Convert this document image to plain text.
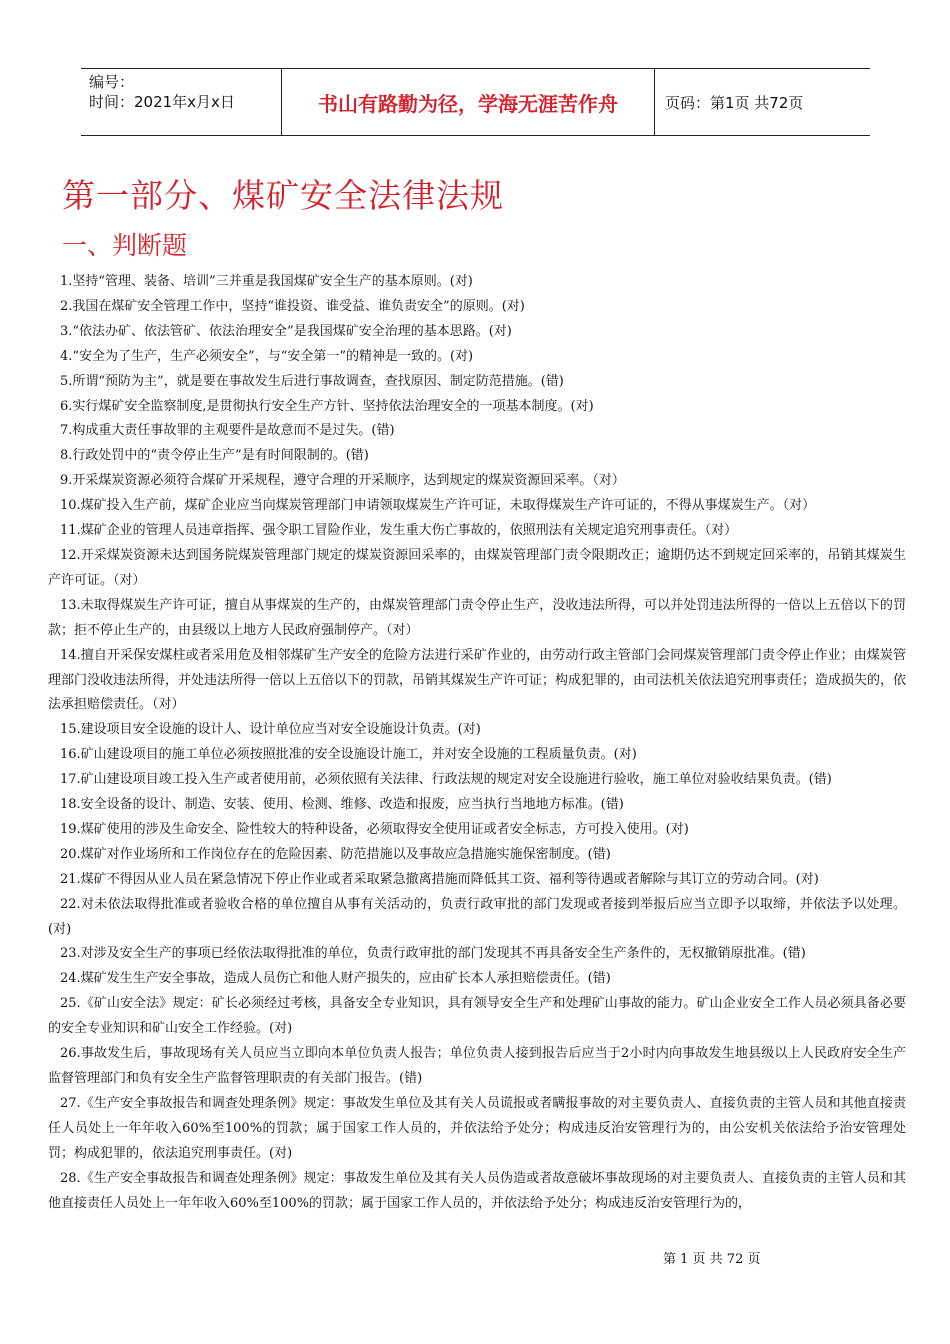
编号：
时间：2021年x月x日	书山有路勤为径，学海无涯苦作舟	页码：第1页 共72页
第一部分、煤矿安全法律法规
一、判断题
1.坚持“管理、装备、培训”三并重是我国煤矿安全生产的基本原则。(对)
2.我国在煤矿安全管理工作中，坚持“谁投资、谁受益、谁负责安全”的原则。(对)
3.“依法办矿、依法管矿、依法治理安全”是我国煤矿安全治理的基本思路。(对)
4.“安全为了生产，生产必须安全”，与“安全第一”的精神是一致的。(对)
5.所谓“预防为主”，就是要在事故发生后进行事故调查，查找原因、制定防范措施。(错)
6.实行煤矿安全监察制度,是贯彻执行安全生产方针、坚持依法治理安全的一项基本制度。(对)
7.构成重大责任事故罪的主观要件是故意而不是过失。(错)
8.行政处罚中的“责令停止生产”是有时间限制的。(错)
9.开采煤炭资源必须符合煤矿开采规程，遵守合理的开采顺序，达到规定的煤炭资源回采率。（对）
10.煤矿投入生产前，煤矿企业应当向煤炭管理部门申请领取煤炭生产许可证，未取得煤炭生产许可证的，不得从事煤炭生产。（对）
11.煤矿企业的管理人员违章指挥、强令职工冒险作业，发生重大伤亡事故的，依照刑法有关规定追究刑事责任。（对）
12.开采煤炭资源未达到国务院煤炭管理部门规定的煤炭资源回采率的，由煤炭管理部门责令限期改正；逾期仍达不到规定回采率的，吊销其煤炭生产许可证。（对）
13.未取得煤炭生产许可证，擅自从事煤炭的生产的，由煤炭管理部门责令停止生产，没收违法所得，可以并处罚违法所得的一倍以上五倍以下的罚款；拒不停止生产的，由县级以上地方人民政府强制停产。（对）
14.擅自开采保安煤柱或者采用危及相邻煤矿生产安全的危险方法进行采矿作业的，由劳动行政主管部门会同煤炭管理部门责令停止作业；由煤炭管理部门没收违法所得，并处违法所得一倍以上五倍以下的罚款，吊销其煤炭生产许可证；构成犯罪的，由司法机关依法追究刑事责任；造成损失的，依法承担赔偿责任。（对）
15.建设项目安全设施的设计人、设计单位应当对安全设施设计负责。(对)
16.矿山建设项目的施工单位必须按照批准的安全设施设计施工，并对安全设施的工程质量负责。(对)
17.矿山建设项目竣工投入生产或者使用前，必须依照有关法律、行政法规的规定对安全设施进行验收，施工单位对验收结果负责。(错)
18.安全设备的设计、制造、安装、使用、检测、维修、改造和报废，应当执行当地地方标准。(错)
19.煤矿使用的涉及生命安全、险性较大的特种设备，必须取得安全使用证或者安全标志，方可投入使用。(对)
20.煤矿对作业场所和工作岗位存在的危险因素、防范措施以及事故应急措施实施保密制度。(错)
21.煤矿不得因从业人员在紧急情况下停止作业或者采取紧急撤离措施而降低其工资、福利等待遇或者解除与其订立的劳动合同。(对)
22.对未依法取得批准或者验收合格的单位擅自从事有关活动的，负责行政审批的部门发现或者接到举报后应当立即予以取缔，并依法予以处理。(对)
23.对涉及安全生产的事项已经依法取得批准的单位，负责行政审批的部门发现其不再具备安全生产条件的，无权撤销原批准。(错)
24.煤矿发生生产安全事故，造成人员伤亡和他人财产损失的，应由矿长本人承担赔偿责任。(错)
25.《矿山安全法》规定：矿长必须经过考核，具备安全专业知识，具有领导安全生产和处理矿山事故的能力。矿山企业安全工作人员必须具备必要的安全专业知识和矿山安全工作经验。(对)
26.事故发生后，事故现场有关人员应当立即向本单位负责人报告；单位负责人接到报告后应当于2小时内向事故发生地县级以上人民政府安全生产监督管理部门和负有安全生产监督管理职责的有关部门报告。(错)
27.《生产安全事故报告和调查处理条例》规定：事故发生单位及其有关人员谎报或者瞒报事故的对主要负责人、直接负责的主管人员和其他直接责任人员处上一年年收入60%至100%的罚款；属于国家工作人员的，并依法给予处分；构成违反治安管理行为的，由公安机关依法给予治安管理处罚；构成犯罪的，依法追究刑事责任。(对)
28.《生产安全事故报告和调查处理条例》规定：事故发生单位及其有关人员伪造或者故意破坏事故现场的对主要负责人、直接负责的主管人员和其他直接责任人员处上一年年收入60%至100%的罚款；属于国家工作人员的，并依法给予处分；构成违反治安管理行为的，
第 1 页 共 72 页
